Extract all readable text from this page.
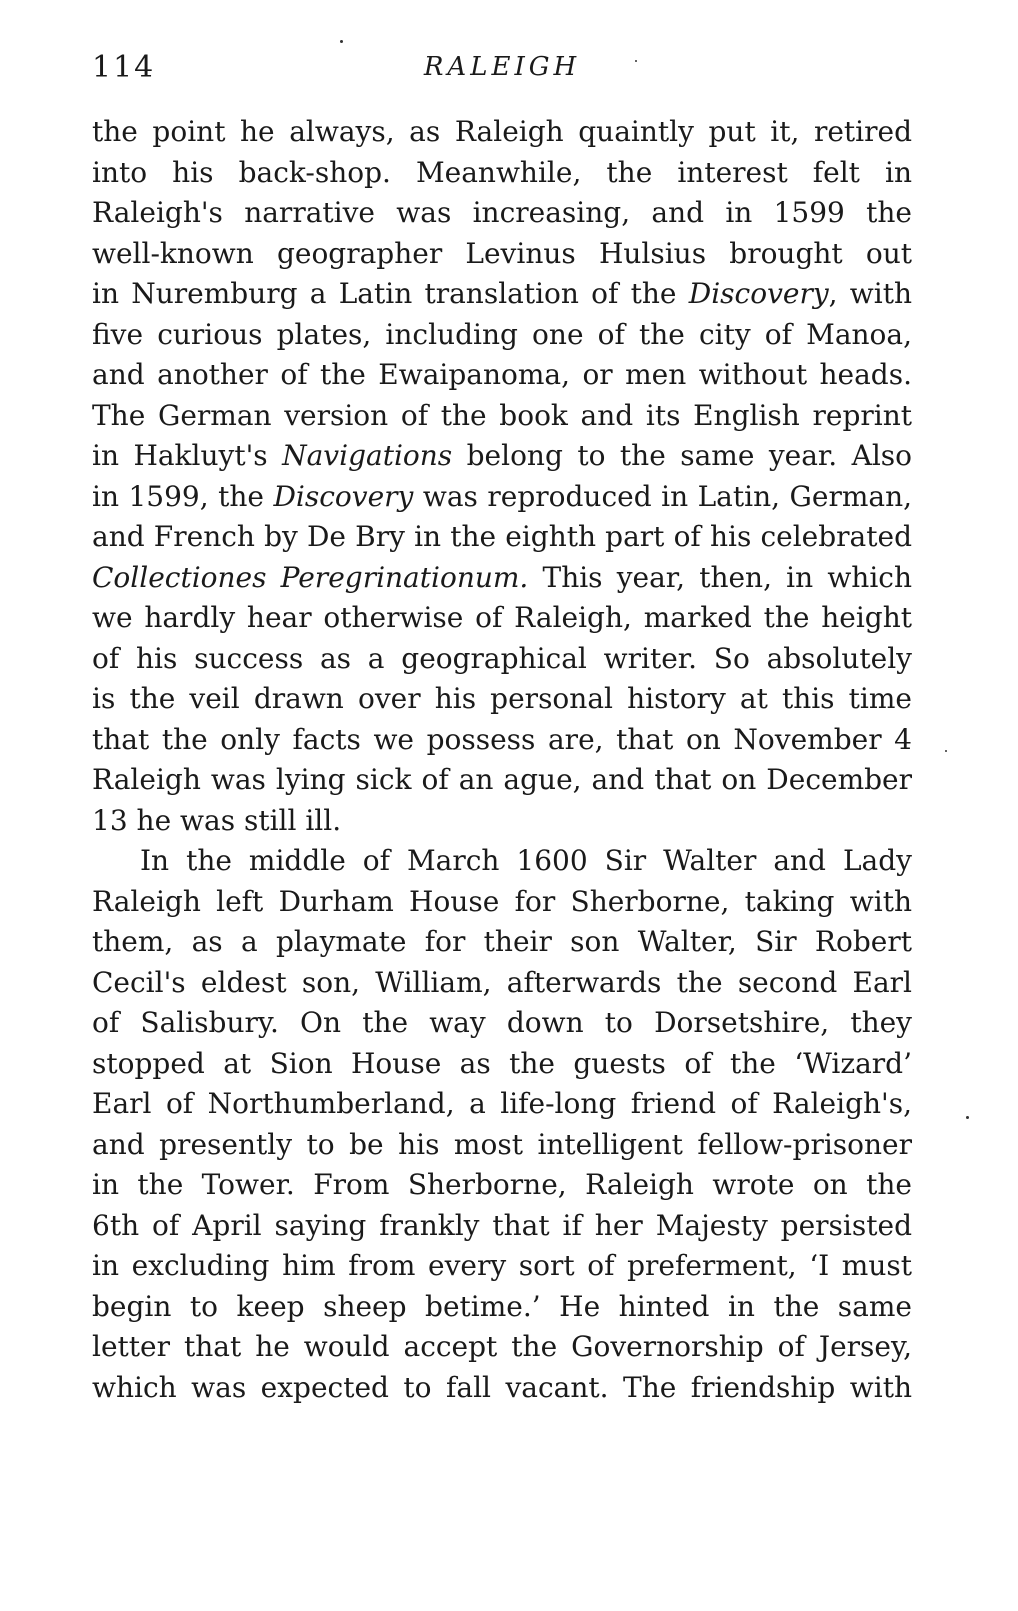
114	RALEIGH
the point he always, as Raleigh quaintly put it, retired
into his back-shop. Meanwhile, the interest felt in
Raleigh's narrative was increasing, and in 1599 the
well-known geographer Levinus Hulsius brought out
in Nuremburg a Latin translation of the Discovery, with
five curious plates, including one of the city of Manoa,
and another of the Ewaipanoma, or men without heads.
The German version of the book and its English reprint
in Hakluyt's Navigations belong to the same year. Also
in 1599, the Discovery was reproduced in Latin, German,
and French by De Bry in the eighth part of his celebrated
Collectiones Peregrinationum. This year, then, in which
we hardly hear otherwise of Raleigh, marked the height
of his success as a geographical writer. So absolutely
is the veil drawn over his personal history at this time
that the only facts we possess are, that on November 4
Raleigh was lying sick of an ague, and that on December
13 he was still ill.
In the middle of March 1600 Sir Walter and Lady
Raleigh left Durham House for Sherborne, taking with
them, as a playmate for their son Walter, Sir Robert
Cecil's eldest son, William, afterwards the second Earl
of Salisbury. On the way down to Dorsetshire, they
stopped at Sion House as the guests of the ‘Wizard’
Earl of Northumberland, a life-long friend of Raleigh's,
and presently to be his most intelligent fellow-prisoner
in the Tower. From Sherborne, Raleigh wrote on the
6th of April saying frankly that if her Majesty persisted
in excluding him from every sort of preferment, ‘I must
begin to keep sheep betime.’ He hinted in the same
letter that he would accept the Governorship of Jersey,
which was expected to fall vacant. The friendship with
